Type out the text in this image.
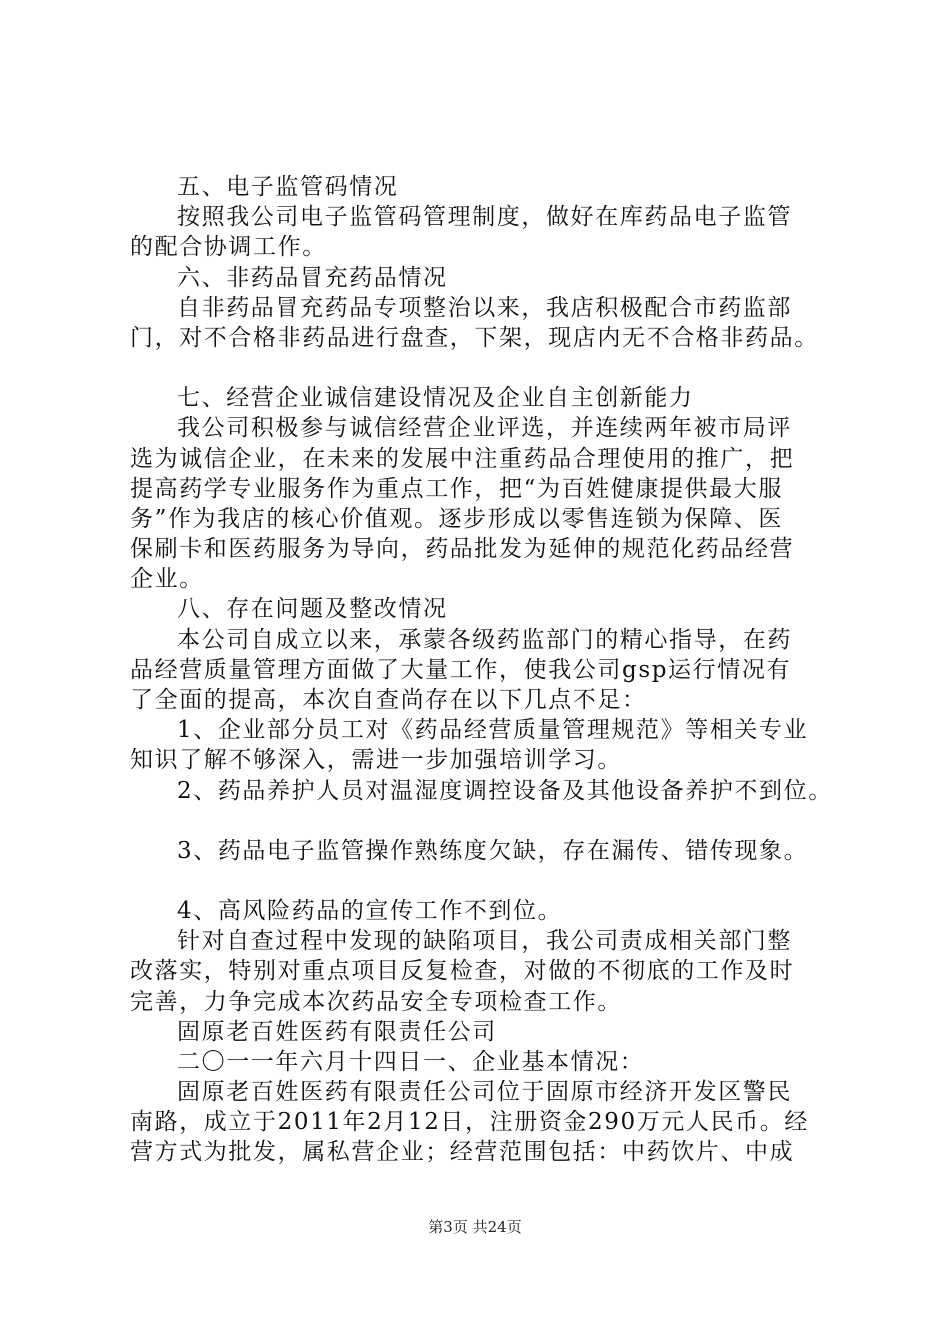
五、电子监管码情况
按照我公司电子监管码管理制度，做好在库药品电子监管
的配合协调工作。
六、非药品冒充药品情况
自非药品冒充药品专项整治以来，我店积极配合市药监部
门，对不合格非药品进行盘查，下架，现店内无不合格非药品。
七、经营企业诚信建设情况及企业自主创新能力
我公司积极参与诚信经营企业评选，并连续两年被市局评
选为诚信企业，在未来的发展中注重药品合理使用的推广，把
提高药学专业服务作为重点工作，把“为百姓健康提供最大服
务”作为我店的核心价值观。逐步形成以零售连锁为保障、医
保刷卡和医药服务为导向，药品批发为延伸的规范化药品经营
企业。
八、存在问题及整改情况
本公司自成立以来，承蒙各级药监部门的精心指导，在药
品经营质量管理方面做了大量工作，使我公司gsp运行情况有
了全面的提高，本次自查尚存在以下几点不足：
1、企业部分员工对《药品经营质量管理规范》等相关专业
知识了解不够深入，需进一步加强培训学习。
2、药品养护人员对温湿度调控设备及其他设备养护不到位。
3、药品电子监管操作熟练度欠缺，存在漏传、错传现象。
4、高风险药品的宣传工作不到位。
针对自查过程中发现的缺陷项目，我公司责成相关部门整
改落实，特别对重点项目反复检查，对做的不彻底的工作及时
完善，力争完成本次药品安全专项检查工作。
固原老百姓医药有限责任公司
二〇一一年六月十四日一、企业基本情况：
固原老百姓医药有限责任公司位于固原市经济开发区警民
南路，成立于2011年2月12日，注册资金290万元人民币。经
营方式为批发，属私营企业；经营范围包括：中药饮片、中成
第3页 共24页
